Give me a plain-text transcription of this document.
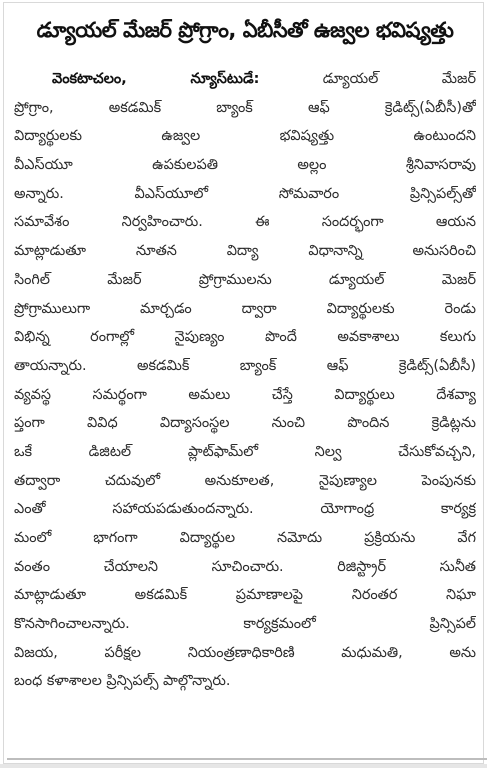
డ్యూయల్ మేజర్ ప్రోగ్రాం, ఏబీసీతో ఉజ్వల భవిష్యత్తు
వెంకటాచలం, న్యూస్‌టుడే:	డ్యూయల్ మేజర్
ప్రోగ్రాం, అకడమిక్ బ్యాంక్ ఆఫ్ క్రెడిట్స్(ఏబీసీ)తో
విద్యార్థులకు ఉజ్వల భవిష్యత్తు ఉంటుందని
వీఎస్‌యూ ఉపకులపతి అల్లం శ్రీనివాసరావు
అన్నారు. వీఎస్‌యూలో సోమవారం ప్రిన్సిపల్స్‌తో
సమావేశం నిర్వహించారు. ఈ సందర్భంగా ఆయన
మాట్లాడుతూ నూతన విద్యా విధానాన్ని అనుసరించి
సింగిల్ మేజర్ ప్రోగ్రాములను డ్యూయల్ మెజర్
ప్రోగ్రాములుగా మార్చడం ద్వారా విద్యార్థులకు రెండు
విభిన్న రంగాల్లో నైపుణ్యం పొందే అవకాశాలు కలుగు
తాయన్నారు. అకడమిక్ బ్యాంక్ ఆఫ్ క్రెడిట్స్(ఏబీసీ)
వ్యవస్థ సమర్థంగా అమలు చేస్తే విద్యార్థులు దేశవ్యా
ప్తంగా వివిధ విద్యాసంస్థల నుంచి పొందిన క్రెడిట్లను
ఒకే డిజిటల్ ప్లాట్‌ఫామ్‌లో నిల్వ చేసుకోవచ్చని,
తద్వారా చదువులో అనుకూలత, నైపుణ్యాల పెంపునకు
ఎంతో సహాయపడుతుందన్నారు. యోగాంధ్ర కార్యక్ర
మంలో భాగంగా విద్యార్థుల నమోదు ప్రక్రియను వేగ
వంతం చేయాలని సూచించారు. రిజిస్ట్రార్ సునీత
మాట్లాడుతూ అకడమిక్ ప్రమాణాలపై నిరంతర నిఘా
కొనసాగించాలన్నారు. కార్యక్రమంలో ప్రిన్సిపల్
విజయ, పరీక్షల నియంత్రణాధికారిణి మధుమతి, అను
బంధ కళాశాలల ప్రిన్సిపల్స్ పాల్గొన్నారు.
